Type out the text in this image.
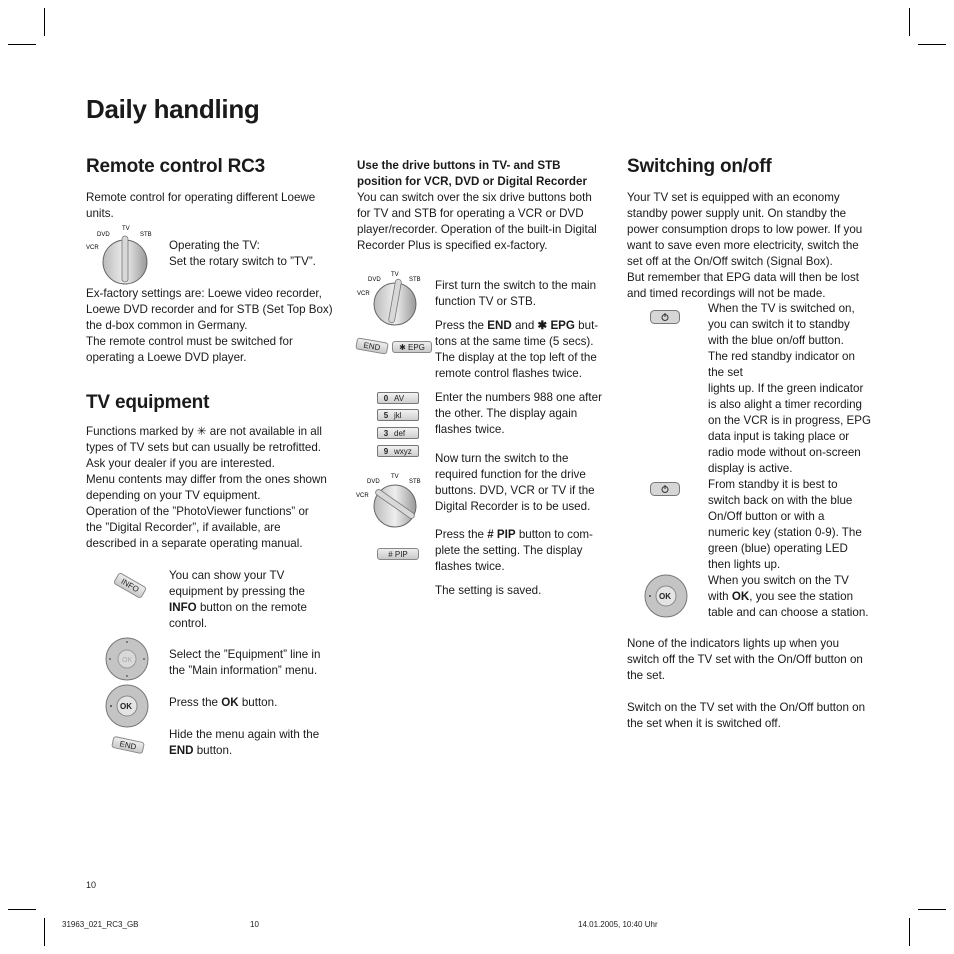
Daily handling
Remote control RC3

Remote control for operating different Loewe units.

DVD
TV
STB
VCR	Operating the TV:
Set the rotary switch to ”TV”.
Ex-factory settings are: Loewe video recorder,
Loewe DVD recorder and for STB (Set Top Box)
the d-box common in Germany.
The remote control must be switched for
operating a Loewe DVD player.
TV equipment
Functions marked by ✳ are not available in all
types of TV sets but can usually be retrofitted.
Ask your dealer if you are interested.
Menu contents may differ from the ones shown
depending on your TV equipment.
Operation of the ”PhotoViewer functions” or
the ”Digital Recorder”, if available, are
described in a separate operating manual.
INFO
You can show your TV
equipment by pressing the
INFO button on the remote
control.
OK	Select the ”Equipment” line in
the ”Main information” menu.
OK	Press the OK button.
END
Hide the menu again with the
END button.
Use the drive buttons in TV- and STB
position for VCR, DVD or Digital Recorder
You can switch over the six drive buttons both
for TV and STB for operating a VCR or DVD
player/recorder. Operation of the built-in Digital
Recorder Plus is specified ex-factory.
DVD
TV
STB
VCR
First turn the switch to the main
function TV or STB.
END	✱ EPG
Press the END and ✱ EPG but-
tons at the same time (5 secs).
The display at the top left of the
remote control flashes twice.
0 AV
5 jkl
3 def
9 wxyz
Enter the numbers 988 one after
the other. The display again
flashes twice.
DVD
TV
STB
VCR
Now turn the switch to the
required function for the drive
buttons. DVD, VCR or TV if the
Digital Recorder is to be used.
# PIP
Press the # PIP button to com-
plete the setting. The display
flashes twice.

The setting is saved.

Switching on/off
Your TV set is equipped with an economy
standby power supply unit. On standby the
power consumption drops to low power. If you
want to save even more electricity, switch the
set off at the On/Off switch (Signal Box).
But remember that EPG data will then be lost
and timed recordings will not be made.
When the TV is switched on,
you can switch it to standby
with the blue on/off button.
The red standby indicator on
the set
lights up. If the green indicator
is also alight a timer recording
on the VCR is in progress, EPG
data input is taking place or
radio mode without on-screen
display is active.
From standby it is best to
switch back on with the blue
On/Off button or with a
numeric key (station 0-9). The
green (blue) operating LED
then lights up.
OK
When you switch on the TV
with OK, you see the station
table and can choose a station.
None of the indicators lights up when you
switch off the TV set with the On/Off button on
the set.
Switch on the TV set with the On/Off button on
the set when it is switched off.
10
31963_021_RC3_GB	10	14.01.2005, 10:40 Uhr
